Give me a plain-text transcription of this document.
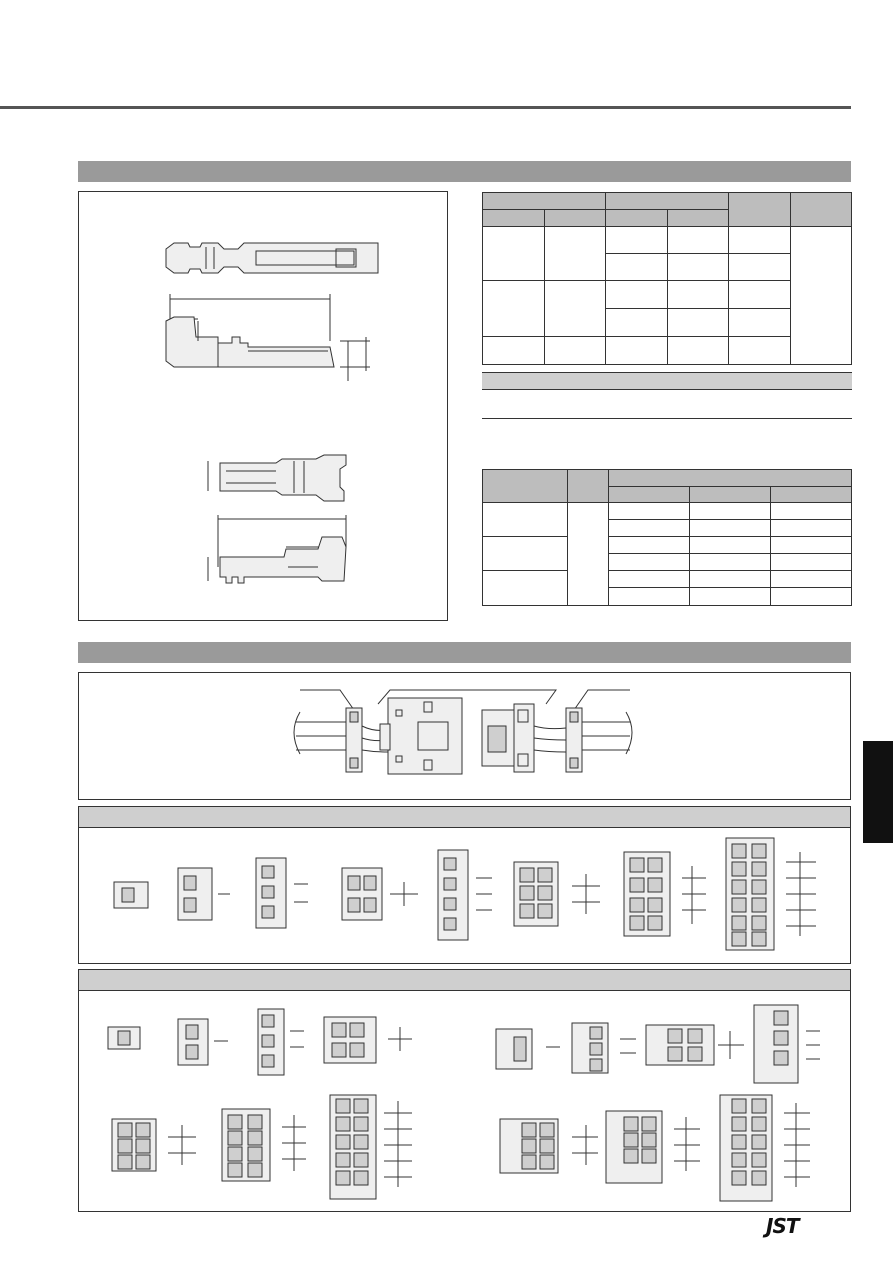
JST
